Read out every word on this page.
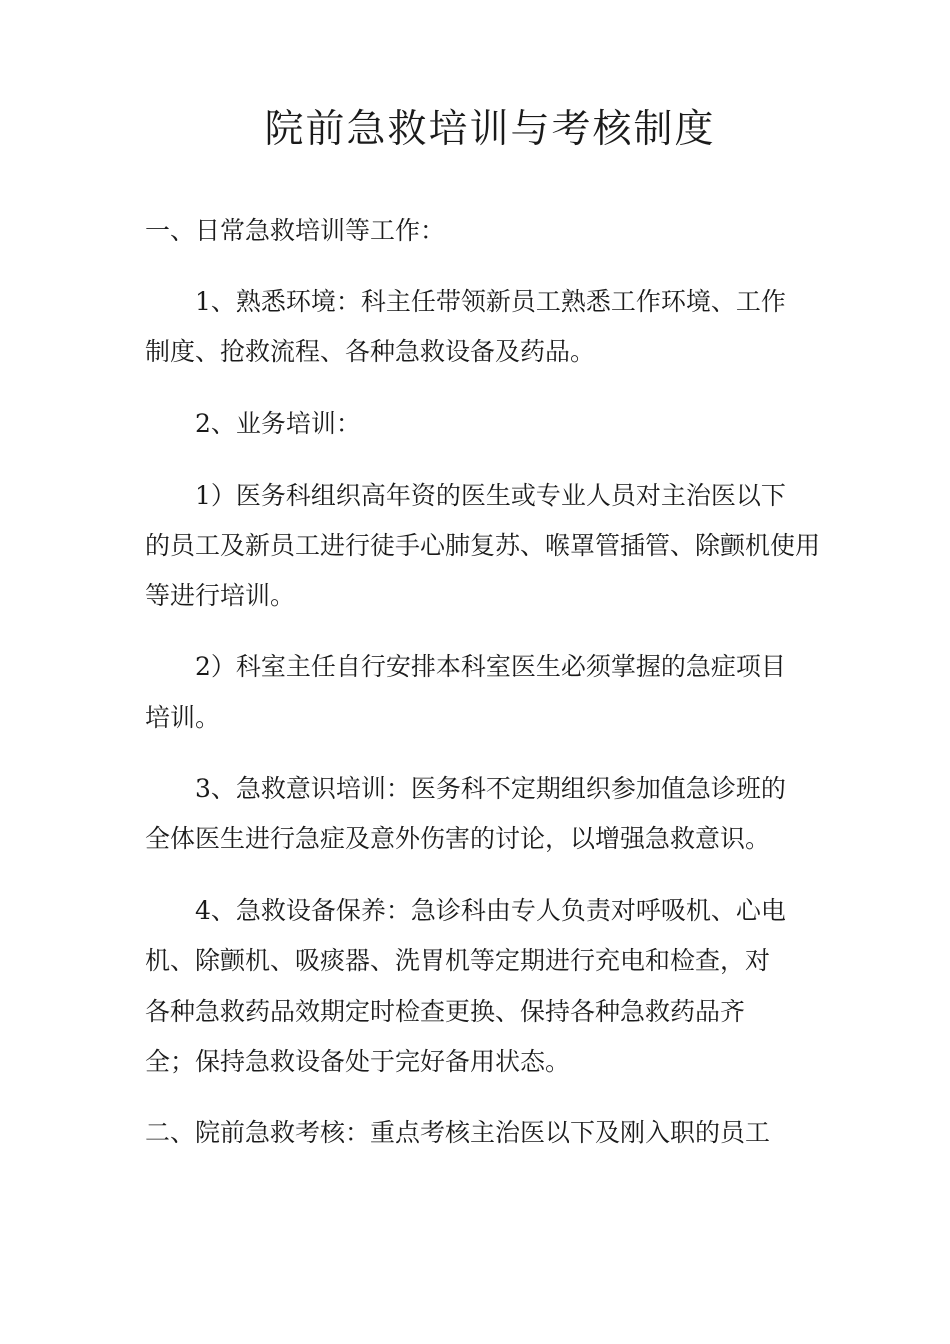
院前急救培训与考核制度

一、日常急救培训等工作：

1、熟悉环境：科主任带领新员工熟悉工作环境、工作

制度、抢救流程、各种急救设备及药品。

2、业务培训：

1）医务科组织高年资的医生或专业人员对主治医以下

的员工及新员工进行徒手心肺复苏、喉罩管插管、除颤机使用

等进行培训。

2）科室主任自行安排本科室医生必须掌握的急症项目

培训。

3、急救意识培训：医务科不定期组织参加值急诊班的

全体医生进行急症及意外伤害的讨论，以增强急救意识。

4、急救设备保养：急诊科由专人负责对呼吸机、心电

机、除颤机、吸痰器、洗胃机等定期进行充电和检查，对

各种急救药品效期定时检查更换、保持各种急救药品齐

全；保持急救设备处于完好备用状态。

二、院前急救考核：重点考核主治医以下及刚入职的员工
